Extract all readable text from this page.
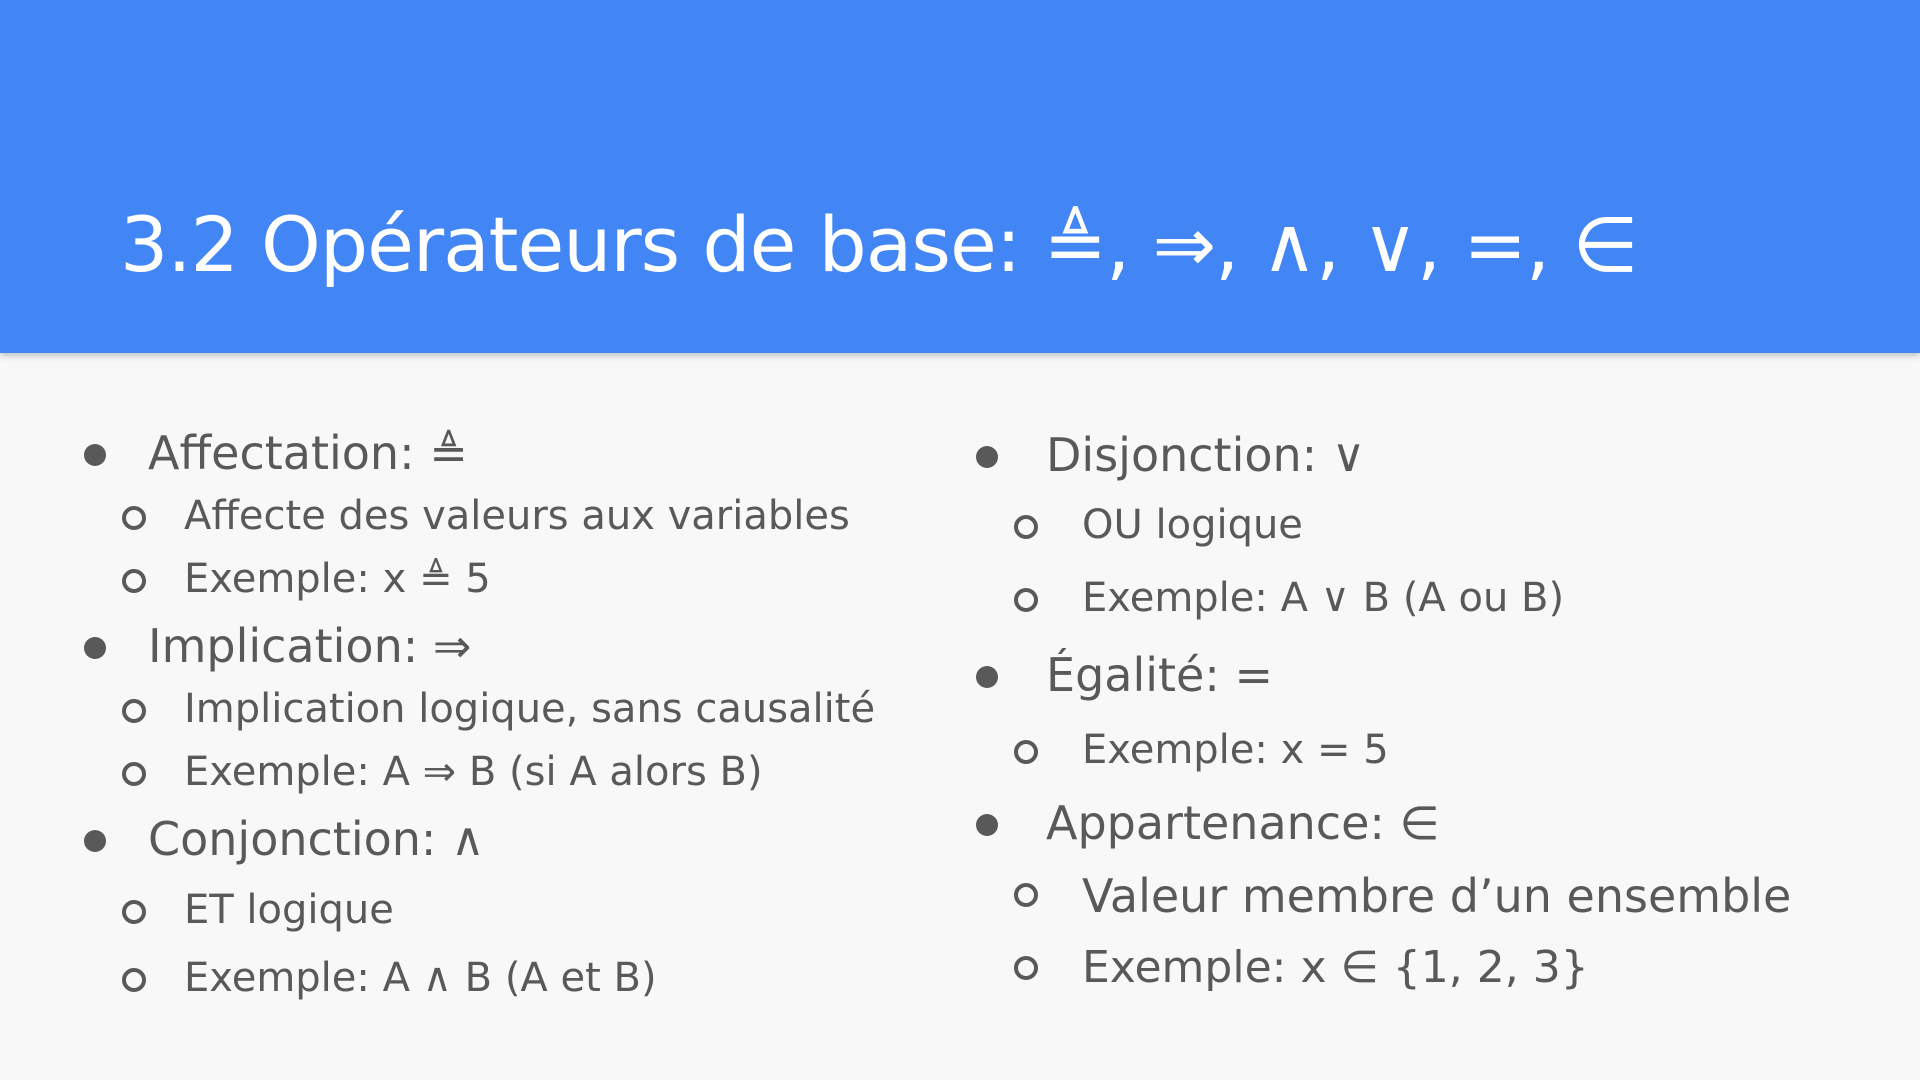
3.2 Opérateurs de base: ≜, ⇒, ∧, ∨, =, ∈
Affectation: ≜
Affecte des valeurs aux variables
Exemple: x ≜ 5
Implication: ⇒
Implication logique, sans causalité
Exemple: A ⇒ B (si A alors B)
Conjonction: ∧
ET logique
Exemple: A ∧ B (A et B)
Disjonction: ∨
OU logique
Exemple: A ∨ B (A ou B)
Égalité: =
Exemple: x = 5
Appartenance: ∈
Valeur membre d’un ensemble
Exemple: x ∈ {1, 2, 3}
